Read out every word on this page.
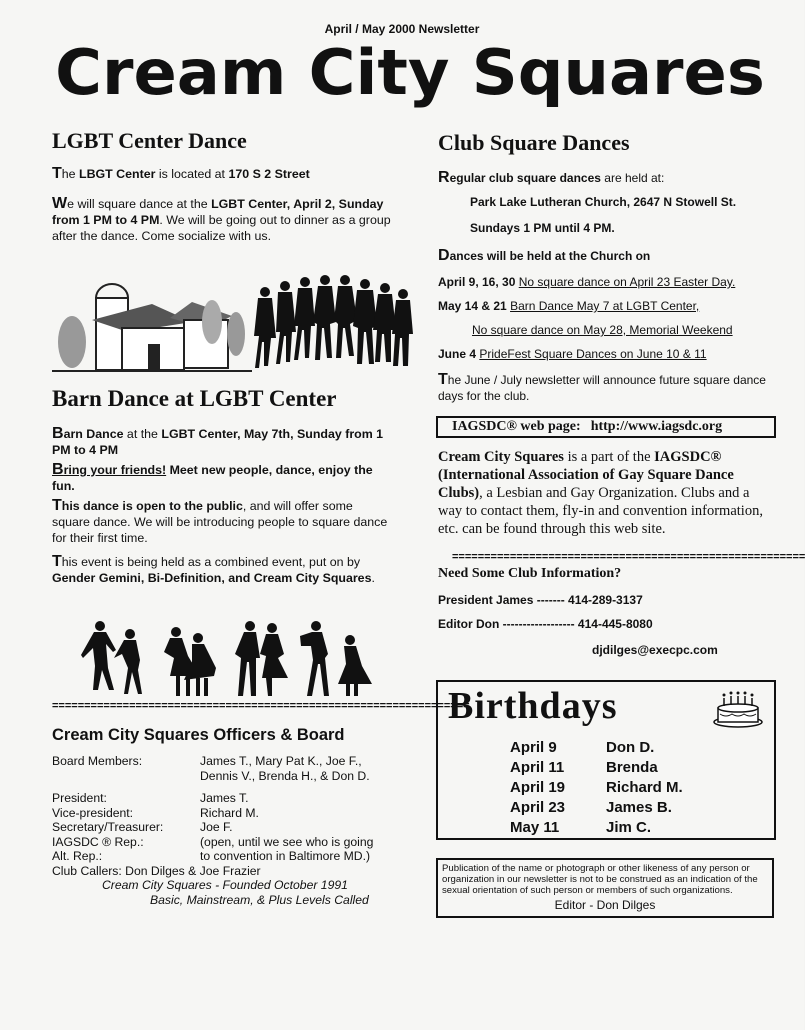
April / May 2000 Newsletter
Cream City Squares
LGBT Center Dance

The LBGT Center is located at 170 S 2 Street

We will square dance at the LGBT Center, April 2, Sunday from 1 PM to 4 PM. We will be going out to dinner as a group after the dance. Come socialize with us.

Barn Dance at LGBT Center

Barn Dance at the LGBT Center, May 7th, Sunday from 1 PM to 4 PM

Bring your friends! Meet new people, dance, enjoy the fun.

This dance is open to the public, and will offer some square dance. We will be introducing people to square dance for their first time.

This event is being held as a combined event, put on by Gender Gemini, Bi-Definition, and Cream City Squares.

=================================================================
Cream City Squares Officers & Board
Board Members:	James T., Mary Pat K., Joe F.,
Dennis V., Brenda H., & Don D.
President:	James T.
Vice-president:	Richard M.
Secretary/Treasurer:	Joe F.
IAGSDC ® Rep.:	(open, until we see who is going
Alt. Rep.:	to convention in Baltimore MD.)
Club Callers: Don Dilges & Joe Frazier
Cream City Squares - Founded October 1991
Basic, Mainstream, & Plus Levels Called
Club Square Dances

Regular club square dances are held at:

Park Lake Lutheran Church, 2647 N Stowell St.

Sundays 1 PM until 4 PM.

Dances will be held at the Church on

April 9, 16, 30 No square dance on April 23 Easter Day.

May 14 & 21 Barn Dance May 7 at LGBT Center,

No square dance on May 28, Memorial Weekend

June 4 PrideFest Square Dances on June 10 & 11

The June / July newsletter will announce future square dance days for the club.

IAGSDC® web page: http://www.iagsdc.org

Cream City Squares is a part of the IAGSDC® (International Association of Gay Square Dance Clubs), a Lesbian and Gay Organization. Clubs and a way to contact them, fly-in and convention information, etc. can be found through this web site.

=======================================================
Need Some Club Information?

President James ------- 414-289-3137

Editor Don ------------------ 414-445-8080

djdilges@execpc.com

Birthdays
April 9	Don D.
April 11	Brenda
April 19	Richard M.
April 23	James B.
May 11	Jim C.
Publication of the name or photograph or other likeness of any person or organization in our newsletter is not to be construed as an indication of the sexual orientation of such person or members of such organizations.
Editor - Don Dilges
